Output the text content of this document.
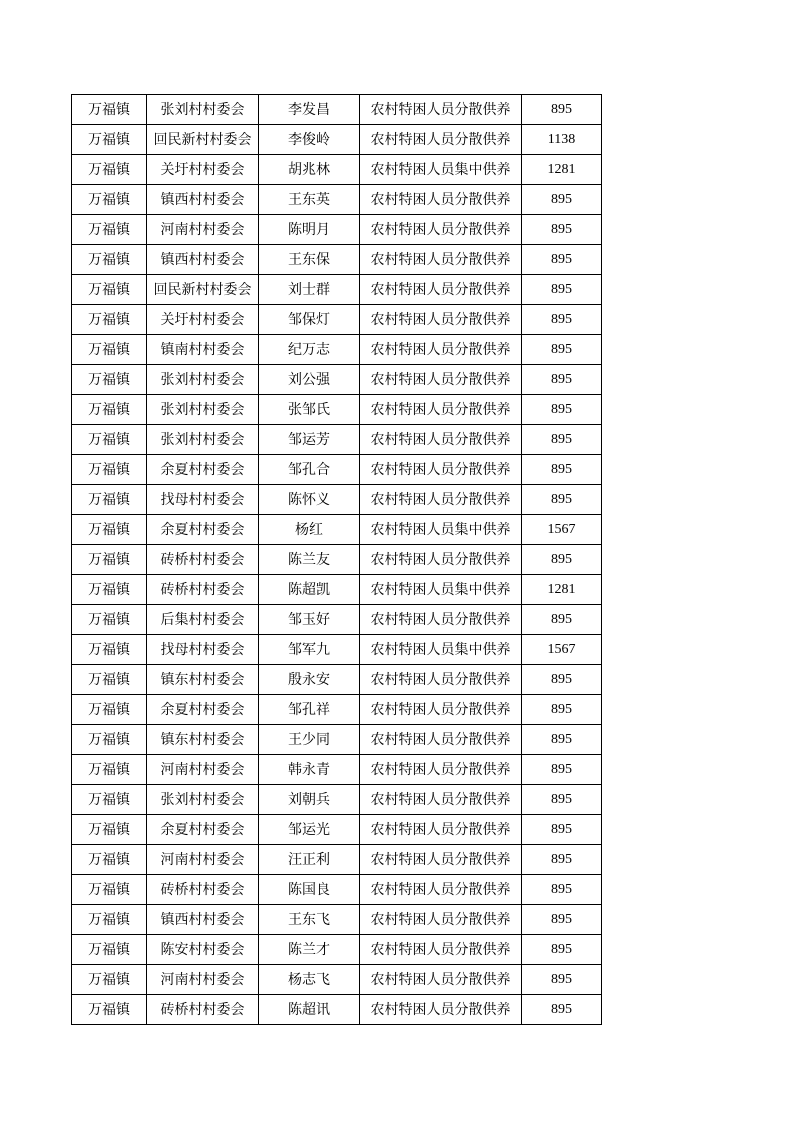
万福镇	张刘村村委会	李发昌	农村特困人员分散供养	895
万福镇	回民新村村委会	李俊岭	农村特困人员分散供养	1138
万福镇	关圩村村委会	胡兆林	农村特困人员集中供养	1281
万福镇	镇西村村委会	王东英	农村特困人员分散供养	895
万福镇	河南村村委会	陈明月	农村特困人员分散供养	895
万福镇	镇西村村委会	王东保	农村特困人员分散供养	895
万福镇	回民新村村委会	刘士群	农村特困人员分散供养	895
万福镇	关圩村村委会	邹保灯	农村特困人员分散供养	895
万福镇	镇南村村委会	纪万志	农村特困人员分散供养	895
万福镇	张刘村村委会	刘公强	农村特困人员分散供养	895
万福镇	张刘村村委会	张邹氏	农村特困人员分散供养	895
万福镇	张刘村村委会	邹运芳	农村特困人员分散供养	895
万福镇	余夏村村委会	邹孔合	农村特困人员分散供养	895
万福镇	找母村村委会	陈怀义	农村特困人员分散供养	895
万福镇	余夏村村委会	杨红	农村特困人员集中供养	1567
万福镇	砖桥村村委会	陈兰友	农村特困人员分散供养	895
万福镇	砖桥村村委会	陈超凯	农村特困人员集中供养	1281
万福镇	后集村村委会	邹玉好	农村特困人员分散供养	895
万福镇	找母村村委会	邹军九	农村特困人员集中供养	1567
万福镇	镇东村村委会	殷永安	农村特困人员分散供养	895
万福镇	余夏村村委会	邹孔祥	农村特困人员分散供养	895
万福镇	镇东村村委会	王少同	农村特困人员分散供养	895
万福镇	河南村村委会	韩永青	农村特困人员分散供养	895
万福镇	张刘村村委会	刘朝兵	农村特困人员分散供养	895
万福镇	余夏村村委会	邹运光	农村特困人员分散供养	895
万福镇	河南村村委会	汪正利	农村特困人员分散供养	895
万福镇	砖桥村村委会	陈国良	农村特困人员分散供养	895
万福镇	镇西村村委会	王东飞	农村特困人员分散供养	895
万福镇	陈安村村委会	陈兰才	农村特困人员分散供养	895
万福镇	河南村村委会	杨志飞	农村特困人员分散供养	895
万福镇	砖桥村村委会	陈超讯	农村特困人员分散供养	895
